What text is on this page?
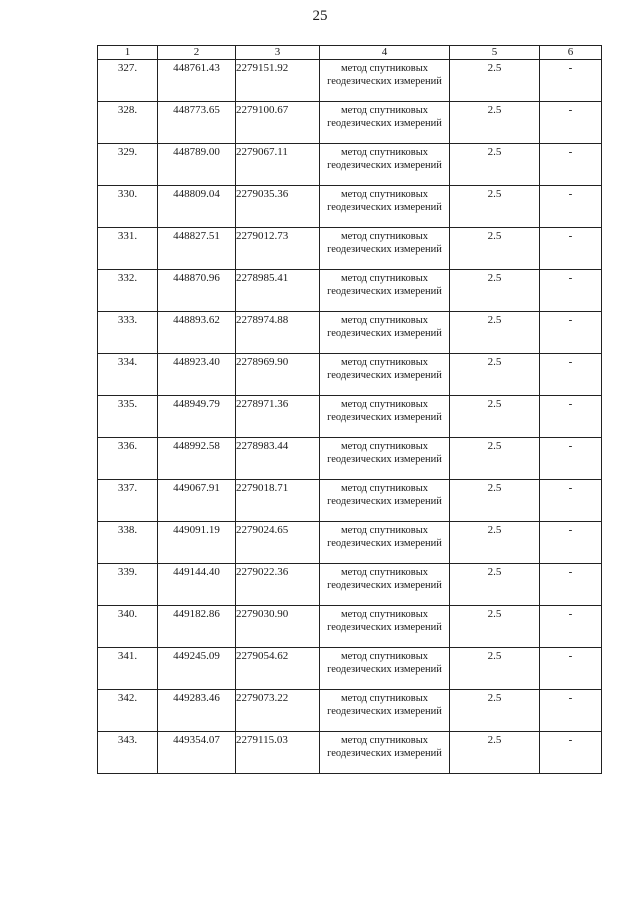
25
1	2	3	4	5	6
327.	448761.43	2279151.92	метод спутниковых геодезических измерений	2.5	-
328.	448773.65	2279100.67	метод спутниковых геодезических измерений	2.5	-
329.	448789.00	2279067.11	метод спутниковых геодезических измерений	2.5	-
330.	448809.04	2279035.36	метод спутниковых геодезических измерений	2.5	-
331.	448827.51	2279012.73	метод спутниковых геодезических измерений	2.5	-
332.	448870.96	2278985.41	метод спутниковых геодезических измерений	2.5	-
333.	448893.62	2278974.88	метод спутниковых геодезических измерений	2.5	-
334.	448923.40	2278969.90	метод спутниковых геодезических измерений	2.5	-
335.	448949.79	2278971.36	метод спутниковых геодезических измерений	2.5	-
336.	448992.58	2278983.44	метод спутниковых геодезических измерений	2.5	-
337.	449067.91	2279018.71	метод спутниковых геодезических измерений	2.5	-
338.	449091.19	2279024.65	метод спутниковых геодезических измерений	2.5	-
339.	449144.40	2279022.36	метод спутниковых геодезических измерений	2.5	-
340.	449182.86	2279030.90	метод спутниковых геодезических измерений	2.5	-
341.	449245.09	2279054.62	метод спутниковых геодезических измерений	2.5	-
342.	449283.46	2279073.22	метод спутниковых геодезических измерений	2.5	-
343.	449354.07	2279115.03	метод спутниковых геодезических измерений	2.5	-
